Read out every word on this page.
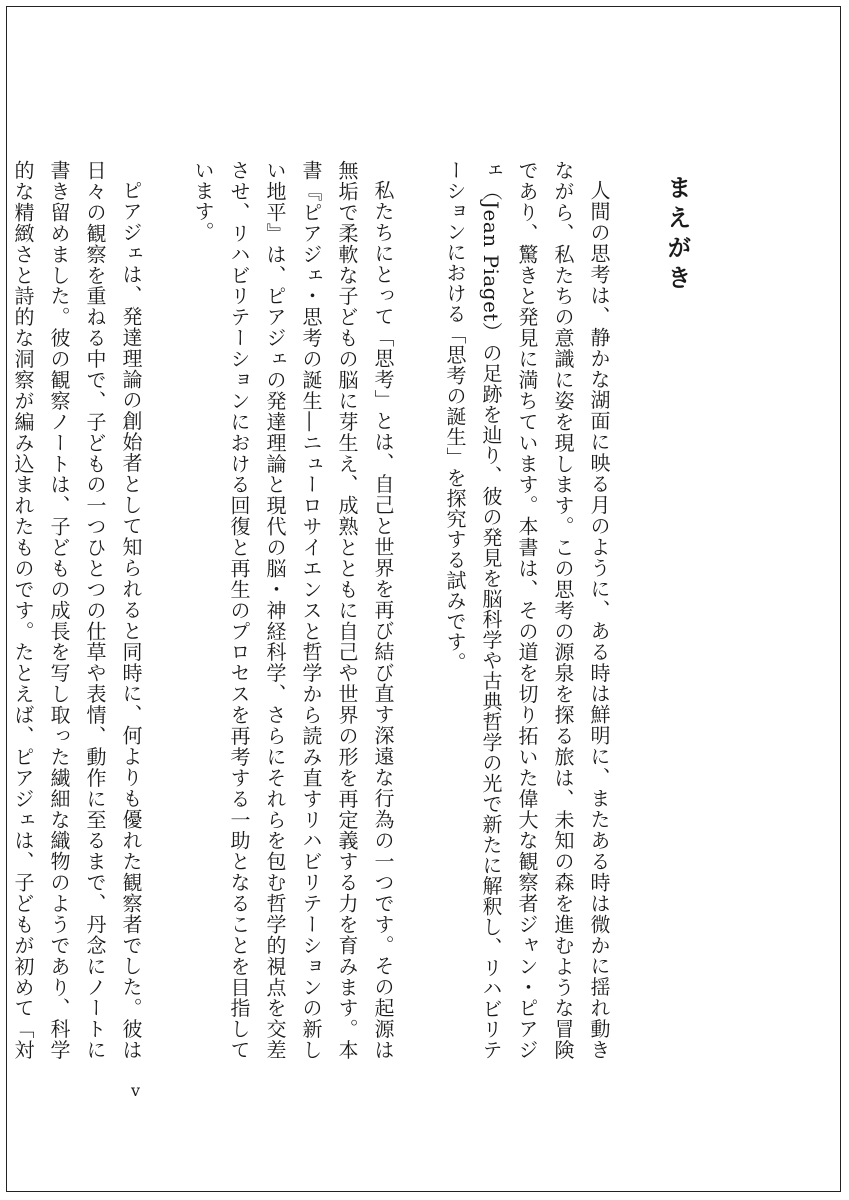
まえがき

人間の思考は、静かな湖面に映る月のように、ある時は鮮明に、またある時は微かに揺れ動きながら、私たちの意識に姿を現します。この思考の源泉を探る旅は、未知の森を進むような冒険であり、驚きと発見に満ちています。本書は、その道を切り拓いた偉大な観察者ジャン・ピアジェ（Jean Piaget）の足跡を辿り、彼の発見を脳科学や古典哲学の光で新たに解釈し、リハビリテーションにおける「思考の誕生」を探究する試みです。

私たちにとって「思考」とは、自己と世界を再び結び直す深遠な行為の一つです。その起源は無垢で柔軟な子どもの脳に芽生え、成熟とともに自己や世界の形を再定義する力を育みます。本書『ピアジェ・思考の誕生―ニューロサイエンスと哲学から読み直すリハビリテーションの新しい地平』は、ピアジェの発達理論と現代の脳・神経科学、さらにそれらを包む哲学的視点を交差させ、リハビリテーションにおける回復と再生のプロセスを再考する一助となることを目指しています。

ピアジェは、発達理論の創始者として知られると同時に、何よりも優れた観察者でした。彼は日々の観察を重ねる中で、子どもの一つひとつの仕草や表情、動作に至るまで、丹念にノートに書き留めました。彼の観察ノートは、子どもの成長を写し取った繊細な織物のようであり、科学的な精緻さと詩的な洞察が編み込まれたものです。たとえば、ピアジェは、子どもが初めて「対

v
